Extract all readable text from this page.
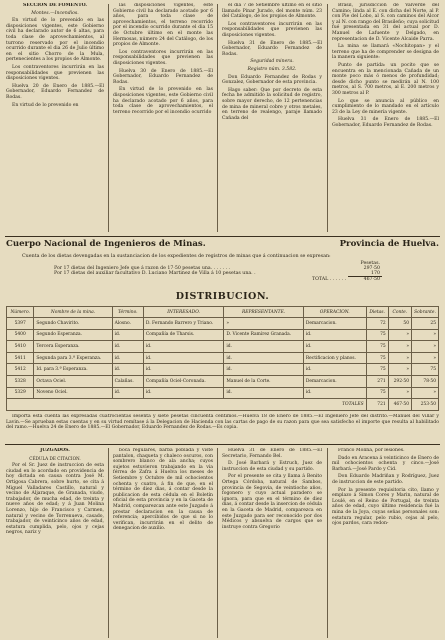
SECCION DE FOMENTO.

Montes.—Incendios.

En virtud de lo prevenido en las disposiciones vigentes, este Gobierno civil ha declarado autor de 6 altas, para toda clase de aprovechamientos, al turrono reservado por el incendio ocurrido durante el dia 26 de Julio último en el sitio Chorro de la Mula, pertenecientes a los propios de Almonte.

Los contraventores incurrirán en las responsabilidades que previenen las disposiciones vigentes.

Huelva 20 de Enero de 1885.—El Gobernador, Eduardo Fernandez de Rodas.

En virtud de lo prevenido en

las disposiciones vigentes, este Gobierno civil ha declarado acotado por 6 años, para toda clase de aprovechamientos, el terreno recorrido por el incendio ocurrido durante el dia 15 de Octubre último en el monte las Hermosas, número 24 del Catálogo, de los propios de Almonte.

Los contraventores incurrirán en las responsabilidades que previenen las disposiciones vigentes.

Huelva 30 de Enero de 1885.—El Gobernador, Eduardo Fernandez de Rodas.

En virtud de lo prevenido en las disposiciones vigentes, este Gobierno civil ha declarado acotado por 6 años, para toda clase de aprovechamientos, el terreno recorrido por el incendio ocurrido

el dia 7 de Setiembre último en el sitio llamado Pinar Jurado, del monte núm. 23 del Catálogo, de los propios de Almonte.

Los contraventores incurrirán en las responsabilidades que previenen las disposiciones vigentes.

Huelva 31 de Enero de 1885.—El Gobernador, Eduardo Fernandez de Rodas.

Seguridad minera.

Registro núm. 3.582.

Don Eduardo Fernandez de Rodas y Gonzalez, Gobernador de esta provincia.

Hago saber: Que por decreto de esta fecha he admitido la solicitud de registro, sobre mayor derecho, de 12 pertenencias de mina de mineral cobre y otros metales, en terreno de realengo, paraje llamado Cañada del

Brasil, jurisdiccion de Valverde del Camino; linda al E. con dicha del Norte, al P. con Pie del Lobo, al S. con caminos del Alcor y al N. con rango del Brasileño; cuya solicitud fué presentada en 31 del actual por D. Manuel de Lafuente y Delgado, en representacion de D. Vicente Alcaide Parra.

La mina se llamará «Nochitopan» y el terreno que ha de comprender se designa de la manera siguiente:

Punto de partida: un pocito que se encuentra en la mencionada Cañada de un monte poco más ó menos de profundidad; desde dicho punto se medirán al N. 100 metros, al S. 700 metros, al E. 200 metros y 300 metros al P.

Lo que se anuncia al público en cumplimiento de lo mandado en el artículo 23 de la Ley de minería vigente.

Huelva 31 de Enero de 1885.—El Gobernador, Eduardo Fernandez de Rodas.

Cuerpo Nacional de Ingenieros de Minas.	Provincia de Huelva.
Cuenta de los dietas devengadas en la sustanciacion de los expedientes de registros de minas que á continuacion se expresan:
	Pesetas.
Por 17 dietas del Ingeniero Jefe que á razon de 17·50 pesetas una. . . . . . .	297·50
Por 17 dietas del auxiliar facultativo D. Luciano Martinez de Villa á 10 pesetas una. .	170
TOTAL . . . . . .	467·50
DISTRIBUCION.
Número.	Nombre de la mina.	Término.	INTERESADO.	REPRESENTANTE.	OPERACION.	Dietas.	Conte.	Sobrante.
5397	Segundo Chavirito.	Alosno.	D. Fernando Barrero y Triano.	»	Demarcacion.	72	50	25
5400	Segundo Esperanza.	id.	Compañía de Tharsis.	D. Vicente Ramírez Granada.	id.	75	»	»
5410	Tercera Esperanza.	id.	id.	id.	id.	75	»	»
5411	Segunda para 3.ª Esperanza.	id.	id.	id.	Rectificacion y planos.	75	»	»
5412	Id. para 3.ª Esperanza.	id.	id.	id.	id.	75	»	75
5328	Octava Ociel.	Calañas.	Compañía Ociel-Coronada.	Manuel de la Corte.	Demarcacion.	271	292·50	78·50
5329	Noveno Ociel.	id.	id.	id.	id.	75	»	»
TOTALES						721	467·50	253·50

Importa esta cuenta las expresadas cuatrocientas sesenta y siete pesetas cincuenta céntimos.—Huelva 18 de Enero de 1885.—El Ingeniero Jefe del distrito.—Manuel del Villar y Lavin.—Se aprueban estas cuentas y en su virtud remítase á la Delegacion de Hacienda con las cartas de pago de su razon para que sea satisfecho el importe que resulta al habilitado del ramo.—Huelva 24 de Enero de 1885.—El Gobernador, Eduardo Fernandez de Rodas.—Es copia.

JUZGADOS.

CÉDULA DE CITACION.

Por el Sr. Juez de instruccion de esta ciudad en lo acordado en providencia de hoy dictada en causa contra José M. Ortigosa Cabrera, sobre hurto, se cita á Miguel Valladares Castillo, natural y vecino de Aljaraque, de Granada, viudo, trabajador, de mucha edad, de treinta y nueve años de edad; y á Juan Molina Lorenzo, hijo de Francisco y Carmen, natural y vecino de Torrenueva, casado, trabajador, de veinticinco años de edad, estatura cumplida, pelo, ojos y cejas negros, nariz y

boca regulares, barba poblada y viste pantalon, chaqueta y chaleco oscuros, con sombrero blanco de ala ancha; cuyos sujetos estuvieron trabajando en la via férrea de Zafra á Huelva los meses de Setiembre y Octubre de mil ochocientos ochenta y cuatro, á fin de que, en el término de diez dias, á contar desde la publicacion de esta cédula en el Boletín oficial de esta provincia y en la Gaceta de Madrid, comparezcan ante este Juzgado á prestar declaracion en la causa de referencia; apercibidos de que si no lo verifican, incurrirán en el delito de denegacion de auxilio.

Huelva 31 de Enero de 1885.—El Secretario, Fernando Bel.

D. José Barbará y Estruch, Juez de instruccion de esta ciudad y su partido.

Por el presente se cita y llama á Benito Ortega Córdoba, natural de Sambos, provincia de Segovia, de veintiocho años, fogonero y cuyo actual paradero se ignora, para que en el término de diez dias, á contar desde la insercion de cédula en la Gaceta de Madrid, comparezca en este Juzgado para ser reconocido por dos Médicos y absuelva de cargos que se instruye contra Gregorio

Franco Molina, por lesiones.

Dado en Aracena á veinticinco de Enero de mil ochocientos ochenta y cinco.—José Barbará.—José Pardo y Cid.

Don Eduardo Madriñan y Rodríguez, Juez de instruccion de este partido.

Por la presente requisitoria cito, llamo y emplazo á Simon Cores y Marin, natural de Loulé, en el Reino de Portugal, de treinta años de edad, cuyo último residencia fué la mina de la Joya, cuyas señas personales son: estatura regular, pelo rubio, cejas al pelo, ojos pardos, cara redon-
